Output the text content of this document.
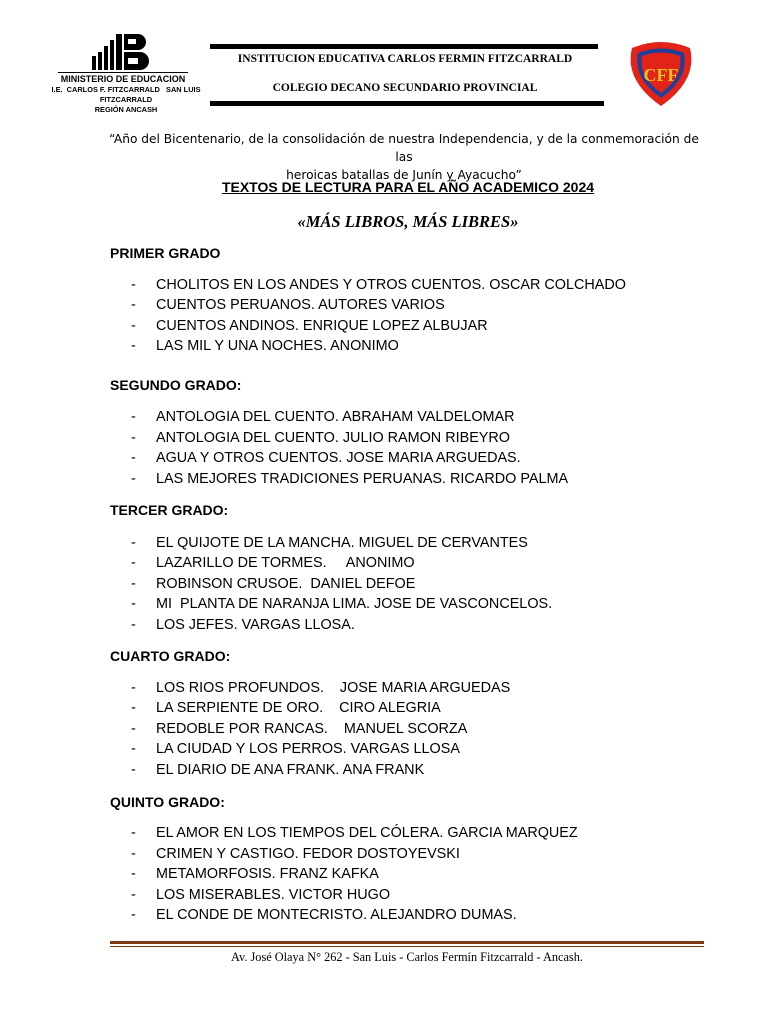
MINISTERIO DE EDUCACION
I.E.  CARLOS F. FITZCARRALD   SAN LUIS
FITZCARRALD
REGIÓN ANCASH
INSTITUCION EDUCATIVA CARLOS FERMIN FITZCARRALD
COLEGIO DECANO SECUNDARIO PROVINCIAL
CFF
“Año del Bicentenario, de la consolidación de nuestra Independencia, y de la conmemoración de las
heroicas batallas de Junín y Ayacucho”
TEXTOS DE LECTURA PARA EL AÑO ACADEMICO 2024
«MÁS LIBROS, MÁS LIBRES»
PRIMER GRADO
- CHOLITOS EN LOS ANDES Y OTROS CUENTOS. OSCAR COLCHADO
- CUENTOS PERUANOS. AUTORES VARIOS
- CUENTOS ANDINOS. ENRIQUE LOPEZ ALBUJAR
- LAS MIL Y UNA NOCHES. ANONIMO
SEGUNDO GRADO:
- ANTOLOGIA DEL CUENTO. ABRAHAM VALDELOMAR
- ANTOLOGIA DEL CUENTO. JULIO RAMON RIBEYRO
- AGUA Y OTROS CUENTOS. JOSE MARIA ARGUEDAS.
- LAS MEJORES TRADICIONES PERUANAS. RICARDO PALMA
TERCER GRADO:
- EL QUIJOTE DE LA MANCHA. MIGUEL DE CERVANTES
- LAZARILLO DE TORMES.     ANONIMO
- ROBINSON CRUSOE.  DANIEL DEFOE
- MI  PLANTA DE NARANJA LIMA. JOSE DE VASCONCELOS.
- LOS JEFES. VARGAS LLOSA.
CUARTO GRADO:
- LOS RIOS PROFUNDOS.    JOSE MARIA ARGUEDAS
- LA SERPIENTE DE ORO.    CIRO ALEGRIA
- REDOBLE POR RANCAS.    MANUEL SCORZA
- LA CIUDAD Y LOS PERROS. VARGAS LLOSA
- EL DIARIO DE ANA FRANK. ANA FRANK
QUINTO GRADO:
- EL AMOR EN LOS TIEMPOS DEL CÓLERA. GARCIA MARQUEZ
- CRIMEN Y CASTIGO. FEDOR DOSTOYEVSKI
- METAMORFOSIS. FRANZ KAFKA
- LOS MISERABLES. VICTOR HUGO
- EL CONDE DE MONTECRISTO. ALEJANDRO DUMAS.
Av. José Olaya N° 262 - San Luis - Carlos Fermín Fitzcarrald - Ancash.
